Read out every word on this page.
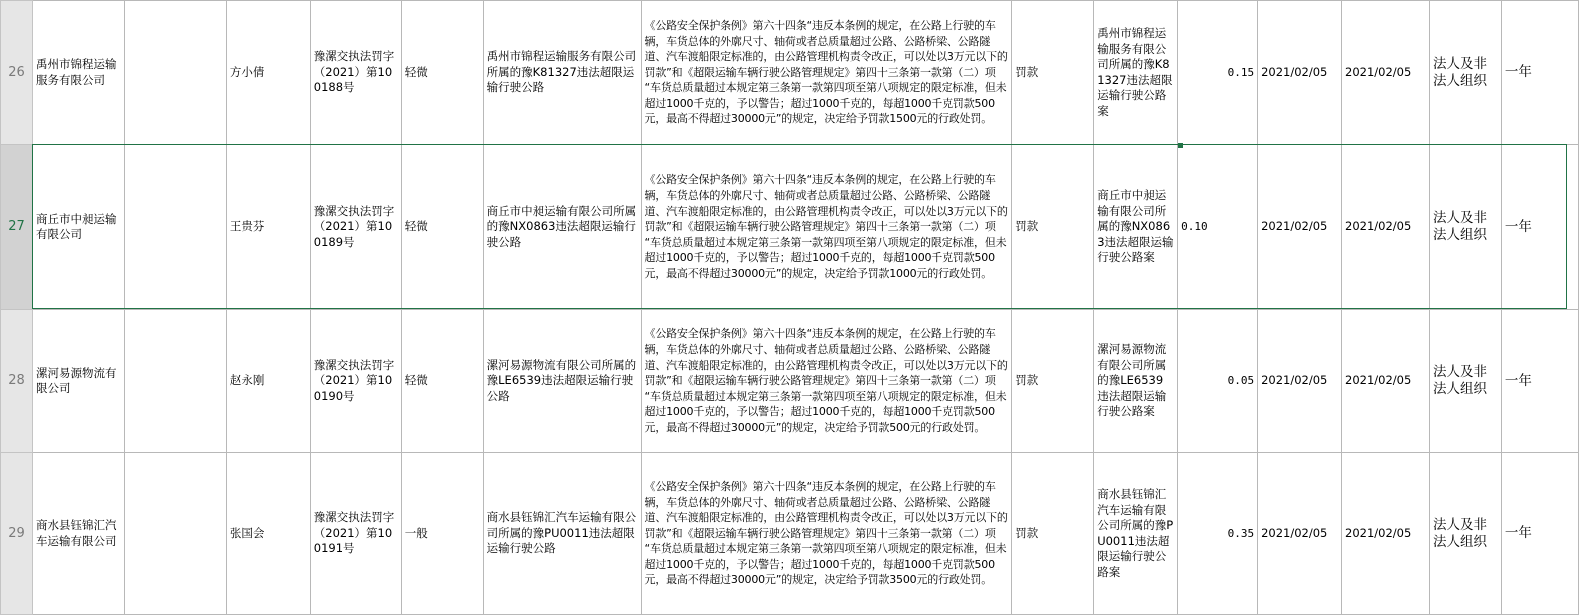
26	禹州市锦程运输服务有限公司		方小倩	豫漯交执法罚字（2021）第100188号	轻微	禹州市锦程运输服务有限公司所属的豫K81327违法超限运输行驶公路	《公路安全保护条例》第六十四条“违反本条例的规定，在公路上行驶的车辆，车货总体的外廓尺寸、轴荷或者总质量超过公路、公路桥梁、公路隧道、汽车渡船限定标准的，由公路管理机构责令改正，可以处以3万元以下的罚款”和《超限运输车辆行驶公路管理规定》第四十三条第一款第（二）项 “车货总质量超过本规定第三条第一款第四项至第八项规定的限定标准，但未超过1000千克的，予以警告；超过1000千克的，每超1000千克罚款500元，最高不得超过30000元”的规定，决定给予罚款1500元的行政处罚。	罚款	禹州市锦程运输服务有限公司所属的豫K81327违法超限运输行驶公路案	0.15	2021/02/05	2021/02/05	法人及非法人组织	一年
27	商丘市中昶运输有限公司		王贵芬	豫漯交执法罚字（2021）第100189号	轻微	商丘市中昶运输有限公司所属的豫NX0863违法超限运输行驶公路	《公路安全保护条例》第六十四条“违反本条例的规定，在公路上行驶的车辆，车货总体的外廓尺寸、轴荷或者总质量超过公路、公路桥梁、公路隧道、汽车渡船限定标准的，由公路管理机构责令改正，可以处以3万元以下的罚款”和《超限运输车辆行驶公路管理规定》第四十三条第一款第（二）项 “车货总质量超过本规定第三条第一款第四项至第八项规定的限定标准，但未超过1000千克的，予以警告；超过1000千克的，每超1000千克罚款500元，最高不得超过30000元”的规定，决定给予罚款1000元的行政处罚。	罚款	商丘市中昶运输有限公司所属的豫NX0863违法超限运输行驶公路案	0.10	2021/02/05	2021/02/05	法人及非法人组织	一年
28	漯河易源物流有限公司		赵永刚	豫漯交执法罚字（2021）第100190号	轻微	漯河易源物流有限公司所属的豫LE6539违法超限运输行驶公路	《公路安全保护条例》第六十四条“违反本条例的规定，在公路上行驶的车辆，车货总体的外廓尺寸、轴荷或者总质量超过公路、公路桥梁、公路隧道、汽车渡船限定标准的，由公路管理机构责令改正，可以处以3万元以下的罚款”和《超限运输车辆行驶公路管理规定》第四十三条第一款第（二）项 “车货总质量超过本规定第三条第一款第四项至第八项规定的限定标准，但未超过1000千克的，予以警告；超过1000千克的，每超1000千克罚款500元，最高不得超过30000元”的规定，决定给予罚款500元的行政处罚。	罚款	漯河易源物流有限公司所属的豫LE6539违法超限运输行驶公路案	0.05	2021/02/05	2021/02/05	法人及非法人组织	一年
29	商水县钰锦汇汽车运输有限公司		张国会	豫漯交执法罚字（2021）第100191号	一般	商水县钰锦汇汽车运输有限公司所属的豫PU0011违法超限运输行驶公路	《公路安全保护条例》第六十四条“违反本条例的规定，在公路上行驶的车辆，车货总体的外廓尺寸、轴荷或者总质量超过公路、公路桥梁、公路隧道、汽车渡船限定标准的，由公路管理机构责令改正，可以处以3万元以下的罚款”和《超限运输车辆行驶公路管理规定》第四十三条第一款第（二）项 “车货总质量超过本规定第三条第一款第四项至第八项规定的限定标准，但未超过1000千克的，予以警告；超过1000千克的，每超1000千克罚款500元，最高不得超过30000元”的规定，决定给予罚款3500元的行政处罚。	罚款	商水县钰锦汇汽车运输有限公司所属的豫PU0011违法超限运输行驶公路案	0.35	2021/02/05	2021/02/05	法人及非法人组织	一年
